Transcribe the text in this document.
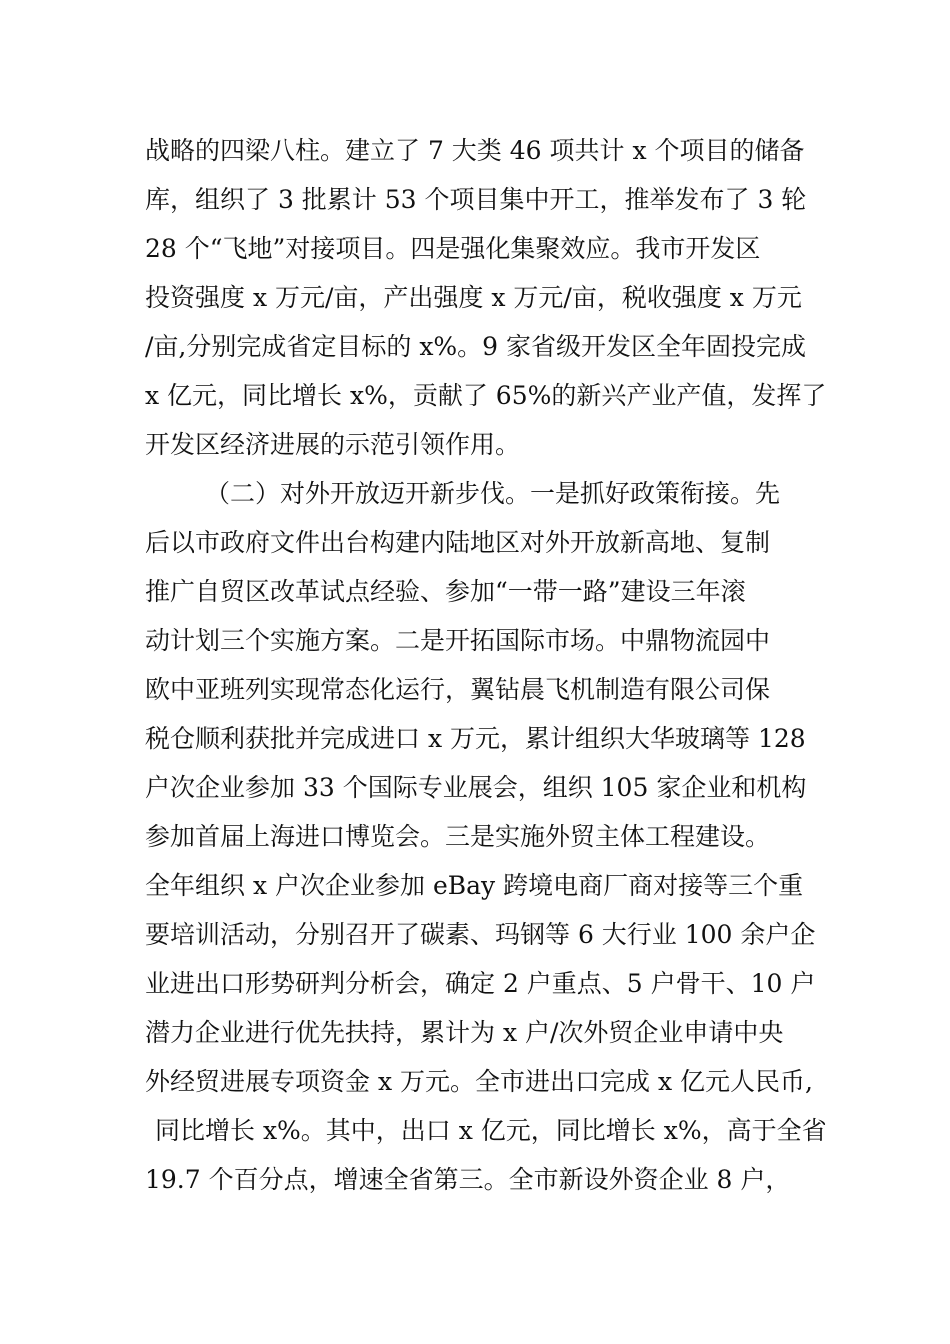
战略的四梁八柱。建立了 7 大类 46 项共计 x 个项目的储备
库，组织了 3 批累计 53 个项目集中开工，推举发布了 3 轮
28 个“飞地”对接项目。四是强化集聚效应。我市开发区
投资强度 x 万元/亩，产出强度 x 万元/亩，税收强度 x 万元
/亩,分别完成省定目标的 x%。9 家省级开发区全年固投完成
x 亿元，同比增长 x%，贡献了 65%的新兴产业产值，发挥了
开发区经济进展的示范引领作用。
（二）对外开放迈开新步伐。一是抓好政策衔接。先
后以市政府文件出台构建内陆地区对外开放新高地、复制
推广自贸区改革试点经验、参加“一带一路”建设三年滚
动计划三个实施方案。二是开拓国际市场。中鼎物流园中
欧中亚班列实现常态化运行，翼钻晨飞机制造有限公司保
税仓顺利获批并完成进口 x 万元，累计组织大华玻璃等 128
户次企业参加 33 个国际专业展会，组织 105 家企业和机构
参加首届上海进口博览会。三是实施外贸主体工程建设。
全年组织 x 户次企业参加 eBay 跨境电商厂商对接等三个重
要培训活动，分别召开了碳素、玛钢等 6 大行业 100 余户企
业进出口形势研判分析会，确定 2 户重点、5 户骨干、10 户
潜力企业进行优先扶持，累计为 x 户/次外贸企业申请中央
外经贸进展专项资金 x 万元。全市进出口完成 x 亿元人民币,
同比增长 x%。其中，出口 x 亿元，同比增长 x%，高于全省
19.7 个百分点，增速全省第三。全市新设外资企业 8 户，
